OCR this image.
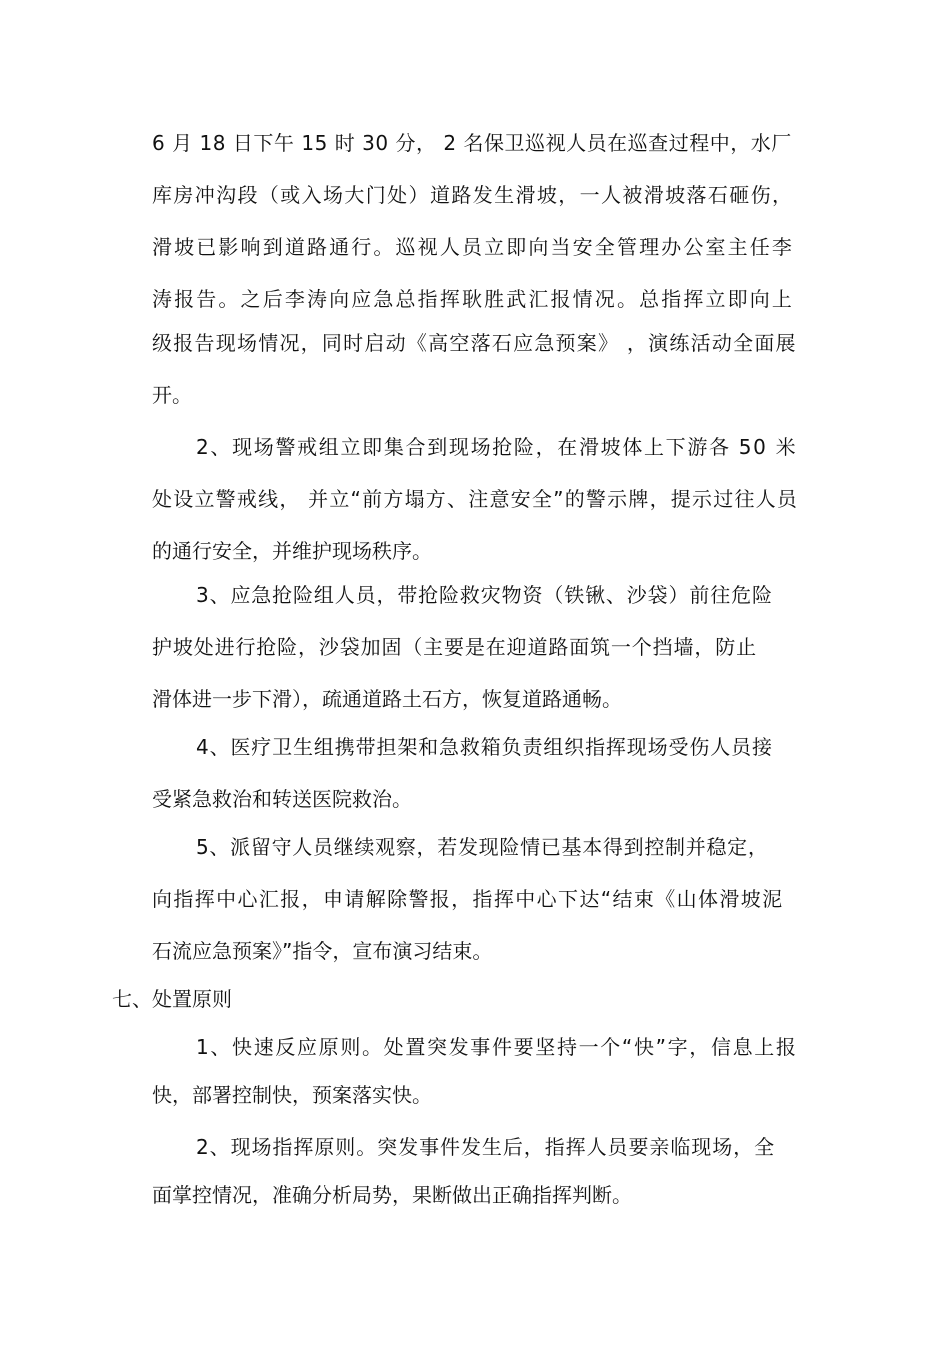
6 月 18 日下午 15 时 30 分， 2 名保卫巡视人员在巡查过程中，水厂

库房冲沟段（或入场大门处）道路发生滑坡，一人被滑坡落石砸伤，

滑坡已影响到道路通行。巡视人员立即向当安全管理办公室主任李

涛报告。之后李涛向应急总指挥耿胜武汇报情况。总指挥立即向上

级报告现场情况，同时启动《高空落石应急预案》 ，演练活动全面展

开。

2、现场警戒组立即集合到现场抢险，在滑坡体上下游各 50 米

处设立警戒线， 并立“前方塌方、注意安全”的警示牌，提示过往人员

的通行安全，并维护现场秩序。

3、应急抢险组人员，带抢险救灾物资（铁锹、沙袋）前往危险

护坡处进行抢险，沙袋加固（主要是在迎道路面筑一个挡墙，防止

滑体进一步下滑），疏通道路土石方，恢复道路通畅。

4、医疗卫生组携带担架和急救箱负责组织指挥现场受伤人员接

受紧急救治和转送医院救治。

5、派留守人员继续观察，若发现险情已基本得到控制并稳定，

向指挥中心汇报，申请解除警报，指挥中心下达“结束《山体滑坡泥

石流应急预案》”指令，宣布演习结束。

七、处置原则

1、快速反应原则。处置突发事件要坚持一个“快”字，信息上报

快，部署控制快，预案落实快。

2、现场指挥原则。突发事件发生后，指挥人员要亲临现场，全

面掌控情况，准确分析局势，果断做出正确指挥判断。
